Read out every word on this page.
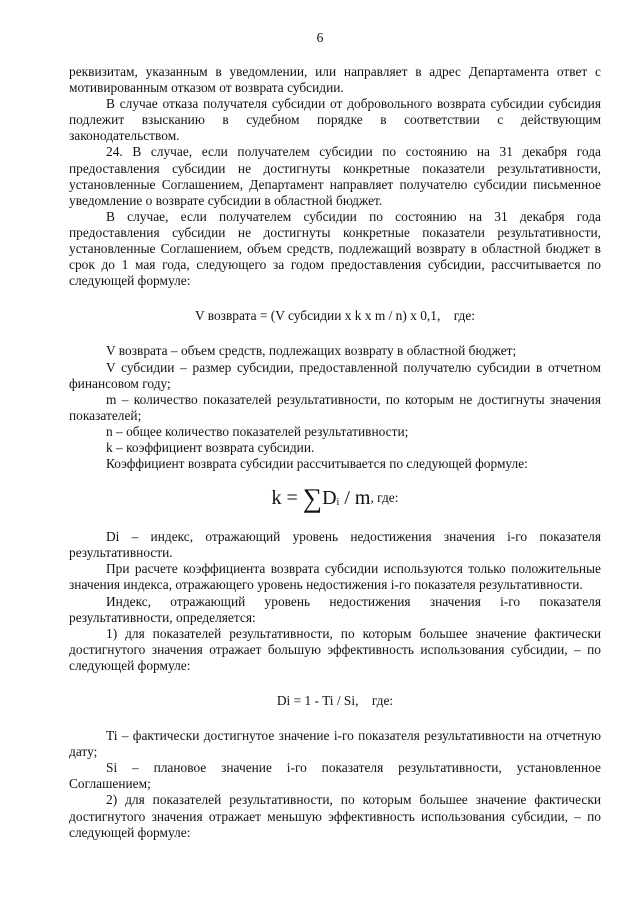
6

реквизитам, указанным в уведомлении, или направляет в адрес Департамента ответ с мотивированным отказом от возврата субсидии.

В случае отказа получателя субсидии от добровольного возврата субсидии субсидия подлежит взысканию в судебном порядке в соответствии с действующим законодательством.

24. В случае, если получателем субсидии по состоянию на 31 декабря года предоставления субсидии не достигнуты конкретные показатели результативности, установленные Соглашением, Департамент направляет получателю субсидии письменное уведомление о возврате субсидии в областной бюджет.

В случае, если получателем субсидии по состоянию на 31 декабря года предоставления субсидии не достигнуты конкретные показатели результативности, установленные Соглашением, объем средств, подлежащий возврату в областной бюджет в срок до 1 мая года, следующего за годом предоставления субсидии, рассчитывается по следующей формуле:

V возврата = (V субсидии x k x m / n) x 0,1,    где:

V возврата – объем средств, подлежащих возврату в областной бюджет;

V субсидии – размер субсидии, предоставленной получателю субсидии в отчетном финансовом году;

m – количество показателей результативности, по которым не достигнуты значения показателей;

n – общее количество показателей результативности;

k – коэффициент возврата субсидии.

Коэффициент возврата субсидии рассчитывается по следующей формуле:

$k = \sum D_i / m$, где:

Di – индекс, отражающий уровень недостижения значения i-го показателя результативности.

При расчете коэффициента возврата субсидии используются только положительные значения индекса, отражающего уровень недостижения i-го показателя результативности.

Индекс, отражающий уровень недостижения значения i-го показателя результативности, определяется:

1) для показателей результативности, по которым большее значение фактически достигнутого значения отражает большую эффективность использования субсидии, – по следующей формуле:

Di = 1 - Ti / Si,    где:

Ti – фактически достигнутое значение i-го показателя результативности на отчетную дату;

Si – плановое значение i-го показателя результативности, установленное Соглашением;

2) для показателей результативности, по которым большее значение фактически достигнутого значения отражает меньшую эффективность использования субсидии, – по следующей формуле:
